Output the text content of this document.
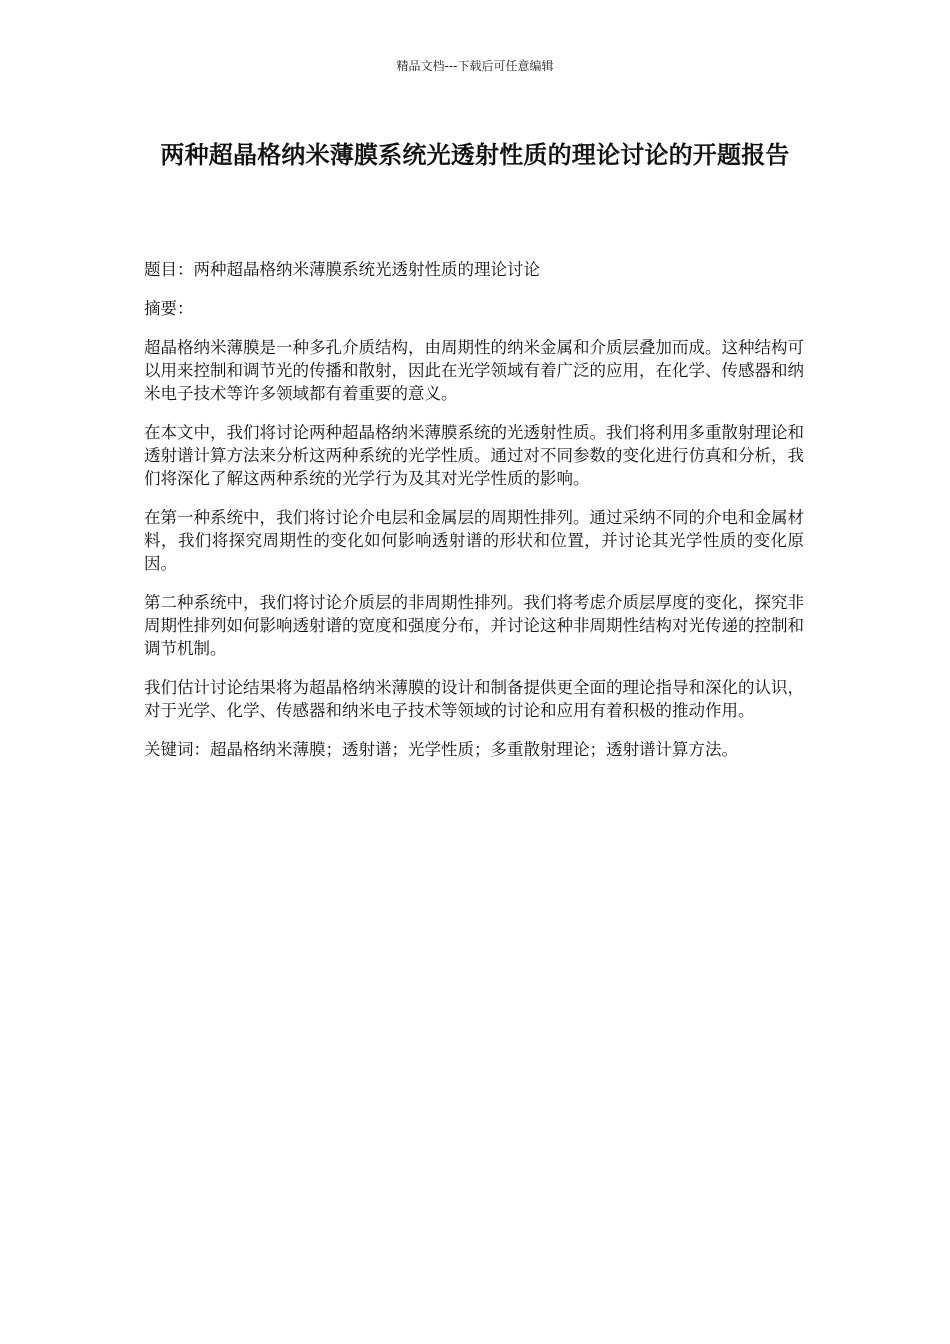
精品文档---下载后可任意编辑
两种超晶格纳米薄膜系统光透射性质的理论讨论的开题报告

题目：两种超晶格纳米薄膜系统光透射性质的理论讨论

摘要：

超晶格纳米薄膜是一种多孔介质结构，由周期性的纳米金属和介质层叠加而成。这种结构可以用来控制和调节光的传播和散射，因此在光学领域有着广泛的应用，在化学、传感器和纳米电子技术等许多领域都有着重要的意义。

在本文中，我们将讨论两种超晶格纳米薄膜系统的光透射性质。我们将利用多重散射理论和透射谱计算方法来分析这两种系统的光学性质。通过对不同参数的变化进行仿真和分析，我们将深化了解这两种系统的光学行为及其对光学性质的影响。

在第一种系统中，我们将讨论介电层和金属层的周期性排列。通过采纳不同的介电和金属材料，我们将探究周期性的变化如何影响透射谱的形状和位置，并讨论其光学性质的变化原因。

第二种系统中，我们将讨论介质层的非周期性排列。我们将考虑介质层厚度的变化，探究非周期性排列如何影响透射谱的宽度和强度分布，并讨论这种非周期性结构对光传递的控制和调节机制。

我们估计讨论结果将为超晶格纳米薄膜的设计和制备提供更全面的理论指导和深化的认识，对于光学、化学、传感器和纳米电子技术等领域的讨论和应用有着积极的推动作用。

关键词：超晶格纳米薄膜；透射谱；光学性质；多重散射理论；透射谱计算方法。
